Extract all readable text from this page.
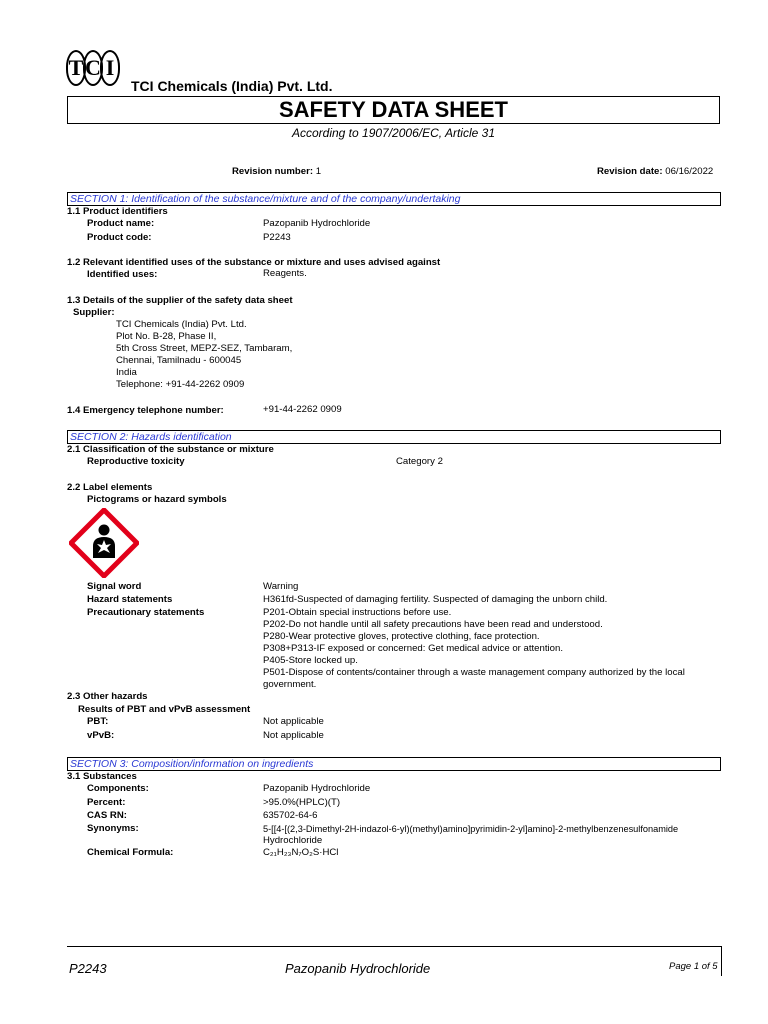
T C I
TCI Chemicals (India) Pvt. Ltd.
SAFETY DATA SHEET
According to 1907/2006/EC, Article 31
Revision number: 1	Revision date: 06/16/2022
SECTION 1: Identification of the substance/mixture and of the company/undertaking
1.1 Product identifiers
Product name:	Pazopanib Hydrochloride
Product code:	P2243
1.2 Relevant identified uses of the substance or mixture and uses advised against
Identified uses:	Reagents.
1.3 Details of the supplier of the safety data sheet
Supplier:
TCI Chemicals (India) Pvt. Ltd.
Plot No. B-28, Phase II,
5th Cross Street, MEPZ-SEZ, Tambaram,
Chennai, Tamilnadu - 600045
India
Telephone: +91-44-2262 0909
1.4 Emergency telephone number:	+91-44-2262 0909
SECTION 2: Hazards identification
2.1 Classification of the substance or mixture
Reproductive toxicity	Category 2
2.2 Label elements
Pictograms or hazard symbols
Signal word	Warning
Hazard statements	H361fd-Suspected of damaging fertility. Suspected of damaging the unborn child.
Precautionary statements	P201-Obtain special instructions before use.
P202-Do not handle until all safety precautions have been read and understood.
P280-Wear protective gloves, protective clothing, face protection.
P308+P313-IF exposed or concerned: Get medical advice or attention.
P405-Store locked up.
P501-Dispose of contents/container through a waste management company authorized by the local
government.
2.3 Other hazards
Results of PBT and vPvB assessment
PBT:	Not applicable
vPvB:	Not applicable
SECTION 3: Composition/information on ingredients
3.1 Substances
Components:	Pazopanib Hydrochloride
Percent:	>95.0%(HPLC)(T)
CAS RN:	635702-64-6
Synonyms:	5-[[4-[(2,3-Dimethyl-2H-indazol-6-yl)(methyl)amino]pyrimidin-2-yl]amino]-2-methylbenzenesulfonamide
Hydrochloride
Chemical Formula:	C₂₁H₂₃N₇O₂S·HCl
P2243	Pazopanib Hydrochloride	Page 1 of 5
